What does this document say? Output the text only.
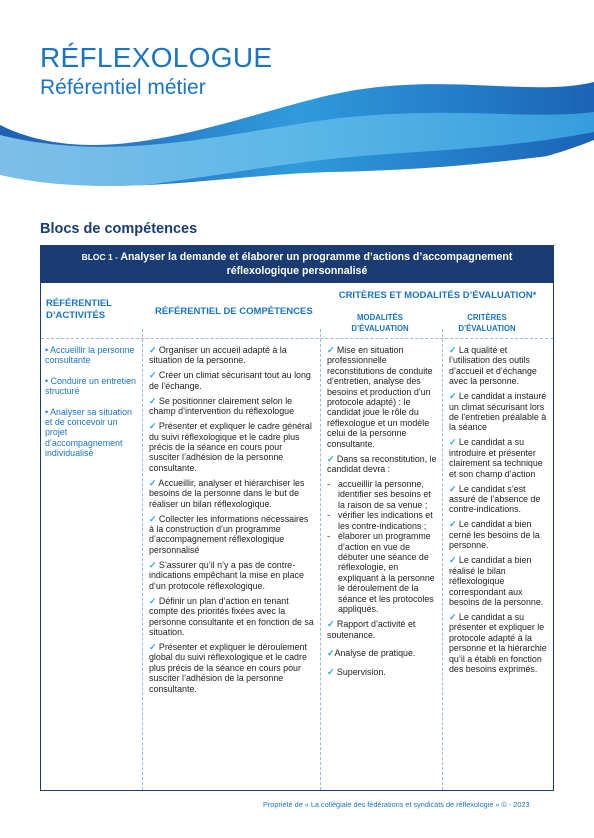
RÉFLEXOLOGUE
Référentiel métier
Blocs de compétences
BLOC 1 - Analyser la demande et élaborer un programme d’actions d’accompagnement réflexologique personnalisé
RÉFÉRENTIEL D’ACTIVITÉS	RÉFÉRENTIEL DE COMPÉTENCES
CRITÈRES ET MODALITÉS D’ÉVALUATION*
MODALITÉS D’ÉVALUATION
CRITÈRES D’ÉVALUATION

• Accueillir la personne consultante

• Conduire un entretien structuré

• Analyser sa situation et de concevoir un projet d’accompagnement individualisé

✓ Organiser un accueil adapté à la situation de la personne.

✓ Créer un climat sécurisant tout au long de l’échange.

✓ Se positionner clairement selon le champ d’intervention du réflexologue

✓ Présenter et expliquer le cadre général du suivi réflexologique et le cadre plus précis de la séance en cours pour susciter l’adhésion de la personne consultante.

✓ Accueillir, analyser et hiérarchiser les besoins de la personne dans le but de réaliser un bilan réflexologique.

✓ Collecter les informations nécessaires à la construction d’un programme d’accompagnement réflexologique personnalisé

✓ S’assurer qu’il n’y a pas de contre-indications empêchant la mise en place d’un protocole réflexologique.

✓ Définir un plan d’action en tenant compte des priorités fixées avec la personne consultante et en fonction de sa situation.

✓ Présenter et expliquer le déroulement global du suivi réflexologique et le cadre plus précis de la séance en cours pour susciter l’adhésion de la personne consultante.

✓ Mise en situation professionnelle reconstitutions de conduite d’entretien, analyse des besoins et production d’un protocole adapté) : le candidat joue le rôle du réflexologue et un modèle celui de la personne consultante.

✓ Dans sa reconstitution, le candidat devra :

- accueillir la personne, identifier ses besoins et la raison de sa venue ;
- vérifier les indications et les contre-indications ;
- élaborer un programme d’action en vue de débuter une séance de réflexologie, en expliquant à la personne le déroulement de la séance et les protocoles appliqués.

✓ Rapport d’activité et soutenance.

✓Analyse de pratique.

✓ Supervision.

✓ La qualité et l’utilisation des outils d’accueil et d’échange avec la personne.

✓ Le candidat a instauré un climat sécurisant lors de l’entretien préalable à la séance

✓ Le candidat a su introduire et présenter clairement sa technique et son champ d’action

✓ Le candidat s’est assuré de l’absence de contre-indications.

✓ Le candidat a bien cerné les besoins de la personne.

✓ Le candidat a bien réalisé le bilan réflexologique correspondant aux besoins de la personne.

✓ Le candidat a su présenter et expliquer le protocole adapté à la personne et la hiérarchie qu’il a établi en fonction des besoins exprimés.

Propriété de « La collégiale des fédérations et syndicats de réflexologie » © - 2023
